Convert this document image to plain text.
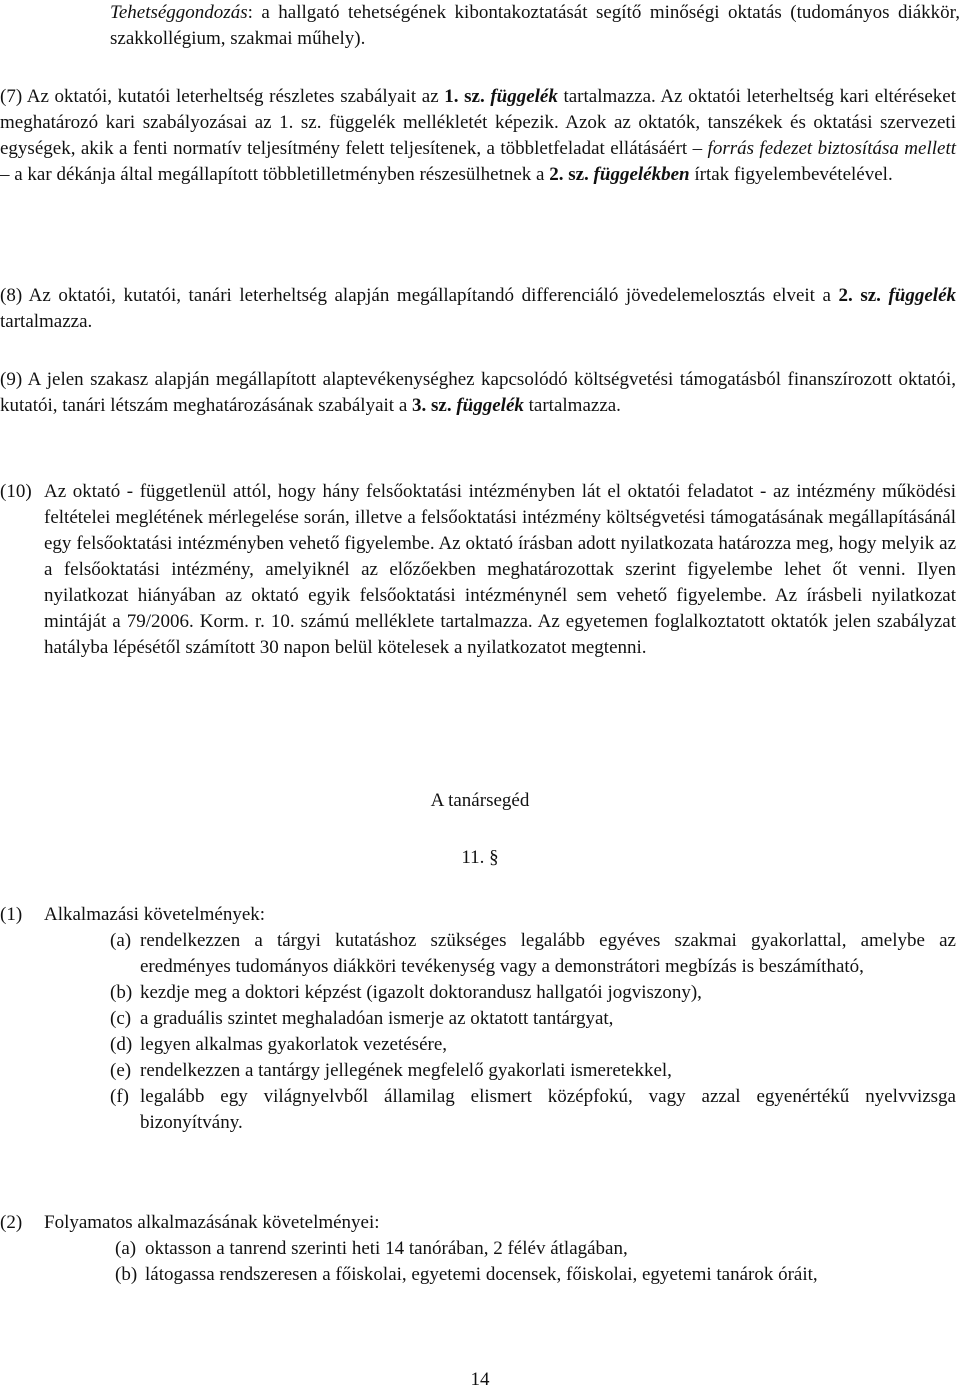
Tehetséggondozás: a hallgató tehetségének kibontakoztatását segítő minőségi oktatás (tudományos diákkör, szakkollégium, szakmai műhely).

(7) Az oktatói, kutatói leterheltség részletes szabályait az 1. sz. függelék tartalmazza. Az oktatói leterheltség kari eltéréseket meghatározó kari szabályozásai az 1. sz. függelék mellékletét képezik. Azok az oktatók, tanszékek és oktatási szervezeti egységek, akik a fenti normatív teljesítmény felett teljesítenek, a többletfeladat ellátásáért – forrás fedezet biztosítása mellett – a kar dékánja által megállapított többletilletményben részesülhetnek a 2. sz. függelékben írtak figyelembevételével.
(8) Az oktatói, kutatói, tanári leterheltség alapján megállapítandó differenciáló jövedelemelosztás elveit a 2. sz. függelék tartalmazza.
(9) A jelen szakasz alapján megállapított alaptevékenységhez kapcsolódó költségvetési támogatásból finanszírozott oktatói, kutatói, tanári létszám meghatározásának szabályait a 3. sz. függelék tartalmazza.
(10) Az oktató - függetlenül attól, hogy hány felsőoktatási intézményben lát el oktatói feladatot - az intézmény működési feltételei meglétének mérlegelése során, illetve a felsőoktatási intézmény költségvetési támogatásának megállapításánál egy felsőoktatási intézményben vehető figyelembe. Az oktató írásban adott nyilatkozata határozza meg, hogy melyik az a felsőoktatási intézmény, amelyiknél az előzőekben meghatározottak szerint figyelembe lehet őt venni. Ilyen nyilatkozat hiányában az oktató egyik felsőoktatási intézménynél sem vehető figyelembe. Az írásbeli nyilatkozat mintáját a 79/2006. Korm. r. 10. számú melléklete tartalmazza. Az egyetemen foglalkoztatott oktatók jelen szabályzat hatályba lépésétől számított 30 napon belül kötelesek a nyilatkozatot megtenni.
A tanársegéd
11. §
(1)	Alkalmazási követelmények:
(a) rendelkezzen a tárgyi kutatáshoz szükséges legalább egyéves szakmai gyakorlattal, amelybe az eredményes tudományos diákköri tevékenység vagy a demonstrátori megbízás is beszámítható,
(b) kezdje meg a doktori képzést (igazolt doktorandusz hallgatói jogviszony),
(c) a graduális szintet meghaladóan ismerje az oktatott tantárgyat,
(d) legyen alkalmas gyakorlatok vezetésére,
(e) rendelkezzen a tantárgy jellegének megfelelő gyakorlati ismeretekkel,
(f) legalább egy világnyelvből államilag elismert középfokú, vagy azzal egyenértékű nyelvvizsga bizonyítvány.
(2)	Folyamatos alkalmazásának követelményei:
(a) oktasson a tanrend szerinti heti 14 tanórában, 2 félév átlagában,
(b) látogassa rendszeresen a főiskolai, egyetemi docensek, főiskolai, egyetemi tanárok óráit,
14
